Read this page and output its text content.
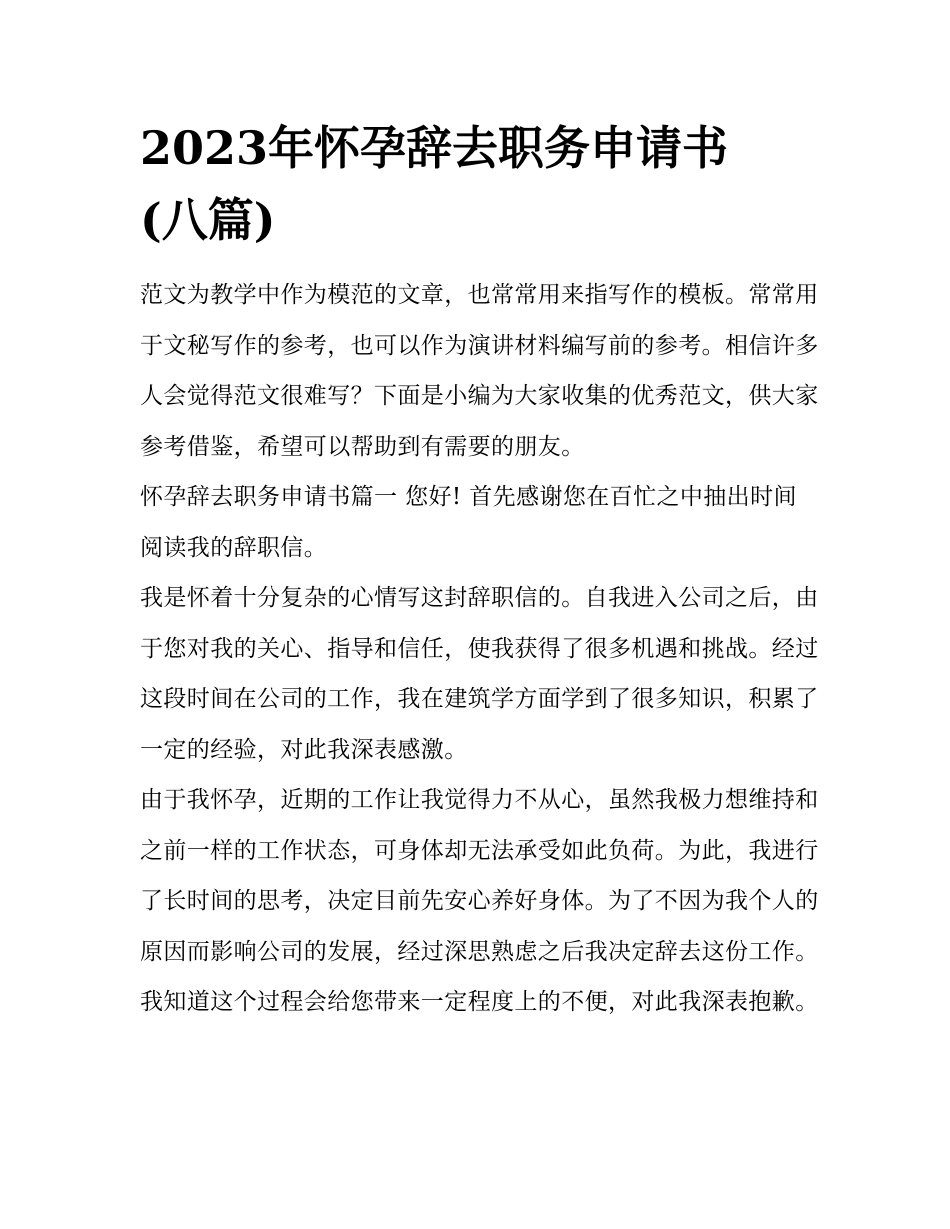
2023年怀孕辞去职务申请书
(八篇)

范文为教学中作为模范的文章，也常常用来指写作的模板。常常用于文秘写作的参考，也可以作为演讲材料编写前的参考。相信许多人会觉得范文很难写？下面是小编为大家收集的优秀范文，供大家参考借鉴，希望可以帮助到有需要的朋友。

怀孕辞去职务申请书篇一 您好! 首先感谢您在百忙之中抽出时间阅读我的辞职信。

我是怀着十分复杂的心情写这封辞职信的。自我进入公司之后，由于您对我的关心、指导和信任，使我获得了很多机遇和挑战。经过这段时间在公司的工作，我在建筑学方面学到了很多知识，积累了一定的经验，对此我深表感激。

由于我怀孕，近期的工作让我觉得力不从心，虽然我极力想维持和之前一样的工作状态，可身体却无法承受如此负荷。为此，我进行了长时间的思考，决定目前先安心养好身体。为了不因为我个人的原因而影响公司的发展，经过深思熟虑之后我决定辞去这份工作。我知道这个过程会给您带来一定程度上的不便，对此我深表抱歉。
